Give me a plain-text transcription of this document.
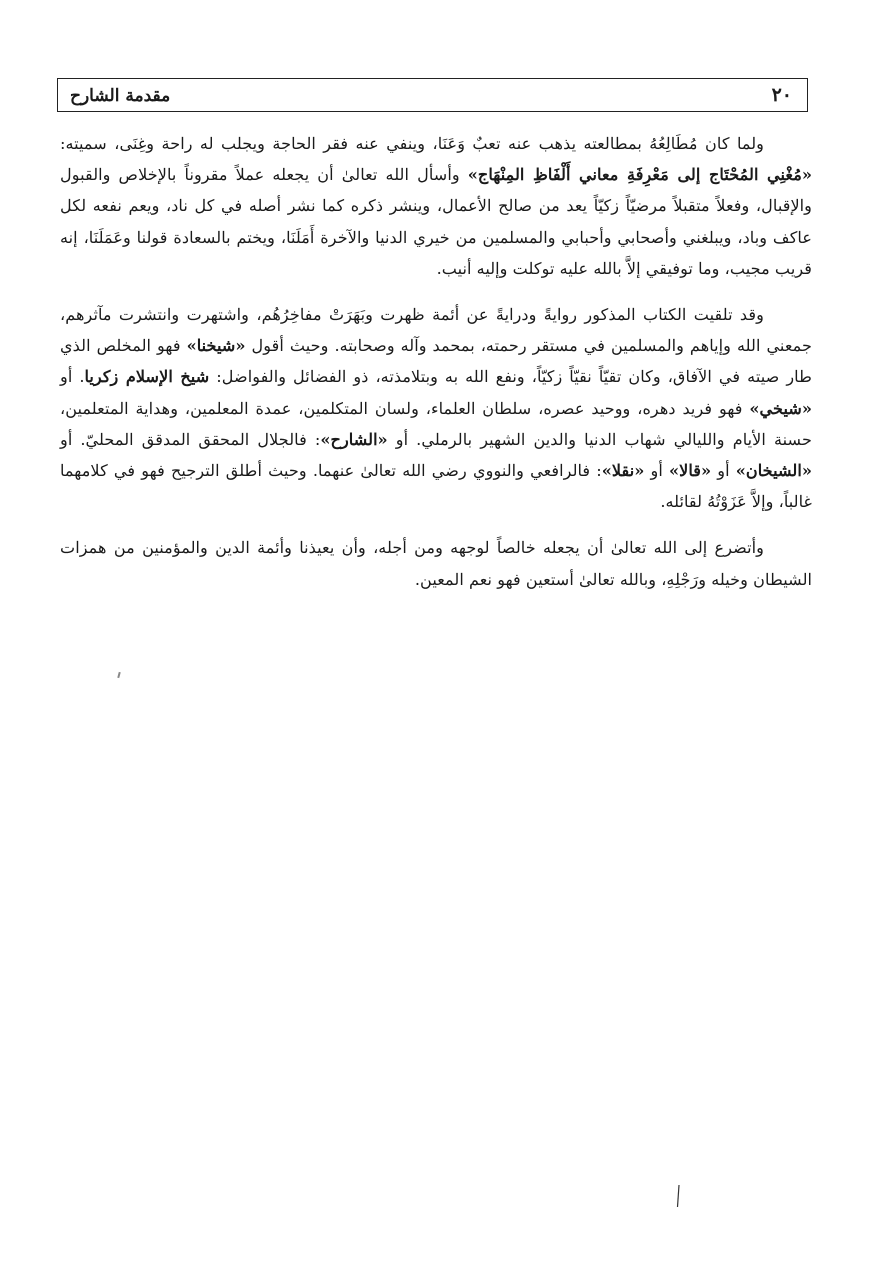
٢٠
مقدمة الشارح

ولما كان مُطَالِعُهُ بمطالعته يذهب عنه تعبٌ وَعَنَا، وينفي عنه فقر الحاجة ويجلب له راحة وغِنَى، سميته: «مُغْنِي المُحْتَاج إلى مَعْرِفَةِ معاني أَلْفَاظِ المِنْهَاج» وأسأل الله تعالىٰ أن يجعله عملاً مقروناً بالإخلاص والقبول والإقبال، وفعلاً متقبلاً مرضيّاً زكيّاً يعد من صالح الأعمال، وينشر ذكره كما نشر أصله في كل ناد، ويعم نفعه لكل عاكف وباد، ويبلغني وأصحابي وأحبابي والمسلمين من خيري الدنيا والآخرة أَمَلَنَا، ويختم بالسعادة قولنا وعَمَلَنَا، إنه قريب مجيب، وما توفيقي إلاَّ بالله عليه توكلت وإليه أنيب.

وقد تلقيت الكتاب المذكور روايةً ودرايةً عن أئمة ظهرت وبَهَرَتْ مفاخِرُهُم، واشتهرت وانتشرت مآثرهم، جمعني الله وإياهم والمسلمين في مستقر رحمته، بمحمد وآله وصحابته. وحيث أقول «شيخنا» فهو المخلص الذي طار صيته في الآفاق، وكان تقيّاً نقيّاً زكيّاً، ونفع الله به وبتلامذته، ذو الفضائل والفواضل: شيخ الإسلام زكريا. أو «شيخي» فهو فريد دهره، ووحيد عصره، سلطان العلماء، ولسان المتكلمين، عمدة المعلمين، وهداية المتعلمين، حسنة الأيام والليالي شهاب الدنيا والدين الشهير بالرملي. أو «الشارح»: فالجلال المحقق المدقق المحليّ. أو «الشيخان» أو «قالا» أو «نقلا»: فالرافعي والنووي رضي الله تعالىٰ عنهما. وحيث أطلق الترجيح فهو في كلامهما غالباً، وإلاَّ عَزَوْتُهُ لقائله.

وأتضرع إلى الله تعالىٰ أن يجعله خالصاً لوجهه ومن أجله، وأن يعيذنا وأئمة الدين والمؤمنين من همزات الشيطان وخيله ورَجْلِهِ، وبالله تعالىٰ أستعين فهو نعم المعين.
